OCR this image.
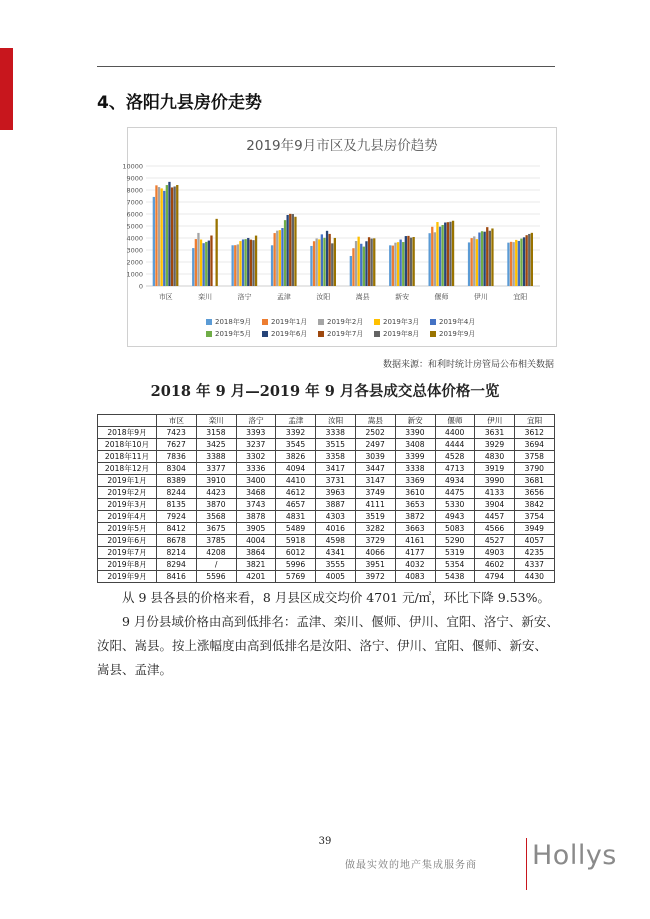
4、洛阳九县房价走势
0
1000
2000
3000
4000
5000
6000
7000
8000
9000
10000
市区	栾川	洛宁	孟津	汝阳	嵩县	新安	偃师	伊川	宜阳
2019年9月市区及九县房价趋势
2018年9月	2019年1月	2019年2月	2019年3月	2019年4月2019年5月	2019年6月	2019年7月	2019年8月	2019年9月
数据来源：和利时统计房管局公布相关数据
2018 年 9 月—2019 年 9 月各县成交总体价格一览
	市区	栾川	洛宁	孟津	汝阳	嵩县	新安	偃师	伊川	宜阳
2018年9月	7423	3158	3393	3392	3338	2502	3390	4400	3631	3612
2018年10月	7627	3425	3237	3545	3515	2497	3408	4444	3929	3694
2018年11月	7836	3388	3302	3826	3358	3039	3399	4528	4830	3758
2018年12月	8304	3377	3336	4094	3417	3447	3338	4713	3919	3790
2019年1月	8389	3910	3400	4410	3731	3147	3369	4934	3990	3681
2019年2月	8244	4423	3468	4612	3963	3749	3610	4475	4133	3656
2019年3月	8135	3870	3743	4657	3887	4111	3653	5330	3904	3842
2019年4月	7924	3568	3878	4831	4303	3519	3872	4943	4457	3754
2019年5月	8412	3675	3905	5489	4016	3282	3663	5083	4566	3949
2019年6月	8678	3785	4004	5918	4598	3729	4161	5290	4527	4057
2019年7月	8214	4208	3864	6012	4341	4066	4177	5319	4903	4235
2019年8月	8294	/	3821	5996	3555	3951	4032	5354	4602	4337
2019年9月	8416	5596	4201	5769	4005	3972	4083	5438	4794	4430
从 9 县各县的价格来看，8 月县区成交均价 4701 元/㎡，环比下降 9.53%。
9 月份县域价格由高到低排名：孟津、栾川、偃师、伊川、宜阳、洛宁、新安、汝阳、嵩县。按上涨幅度由高到低排名是汝阳、洛宁、伊川、宜阳、偃师、新安、嵩县、孟津。
39
做最实效的地产集成服务商 Hollys
